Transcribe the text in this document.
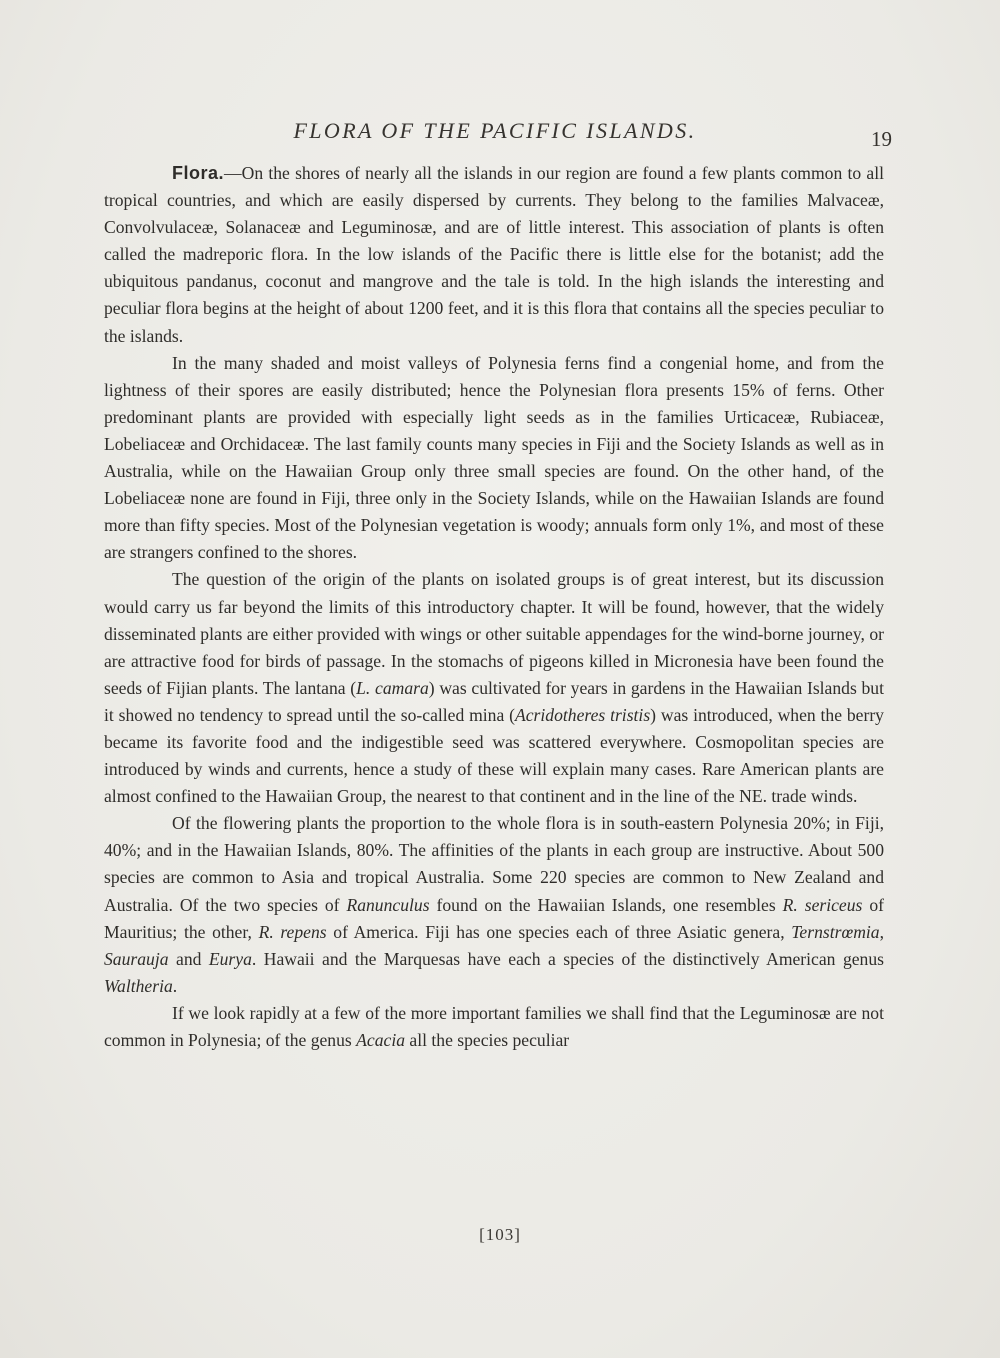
FLORA OF THE PACIFIC ISLANDS.	19

Flora.—On the shores of nearly all the islands in our region are found a few plants common to all tropical countries, and which are easily dispersed by currents. They belong to the families Malvaceæ, Convolvulaceæ, Solanaceæ and Leguminosæ, and are of little interest. This association of plants is often called the madreporic flora. In the low islands of the Pacific there is little else for the botanist; add the ubiquitous pandanus, coconut and mangrove and the tale is told. In the high islands the interesting and peculiar flora begins at the height of about 1200 feet, and it is this flora that contains all the species peculiar to the islands.

In the many shaded and moist valleys of Polynesia ferns find a congenial home, and from the lightness of their spores are easily distributed; hence the Polynesian flora presents 15% of ferns. Other predominant plants are provided with especially light seeds as in the families Urticaceæ, Rubiaceæ, Lobeliaceæ and Orchidaceæ. The last family counts many species in Fiji and the Society Islands as well as in Australia, while on the Hawaiian Group only three small species are found. On the other hand, of the Lobeliaceæ none are found in Fiji, three only in the Society Islands, while on the Hawaiian Islands are found more than fifty species. Most of the Polynesian vegetation is woody; annuals form only 1%, and most of these are strangers confined to the shores.

The question of the origin of the plants on isolated groups is of great interest, but its discussion would carry us far beyond the limits of this introductory chapter. It will be found, however, that the widely disseminated plants are either provided with wings or other suitable appendages for the wind-borne journey, or are attractive food for birds of passage. In the stomachs of pigeons killed in Micronesia have been found the seeds of Fijian plants. The lantana (L. camara) was cultivated for years in gardens in the Hawaiian Islands but it showed no tendency to spread until the so-called mina (Acridotheres tristis) was introduced, when the berry became its favorite food and the indigestible seed was scattered everywhere. Cosmopolitan species are introduced by winds and currents, hence a study of these will explain many cases. Rare American plants are almost confined to the Hawaiian Group, the nearest to that continent and in the line of the NE. trade winds.

Of the flowering plants the proportion to the whole flora is in south-eastern Polynesia 20%; in Fiji, 40%; and in the Hawaiian Islands, 80%. The affinities of the plants in each group are instructive. About 500 species are common to Asia and tropical Australia. Some 220 species are common to New Zealand and Australia. Of the two species of Ranunculus found on the Hawaiian Islands, one resembles R. sericeus of Mauritius; the other, R. repens of America. Fiji has one species each of three Asiatic genera, Ternstrœmia, Saurauja and Eurya. Hawaii and the Marquesas have each a species of the distinctively American genus Waltheria.

If we look rapidly at a few of the more important families we shall find that the Leguminosæ are not common in Polynesia; of the genus Acacia all the species peculiar

[103]
